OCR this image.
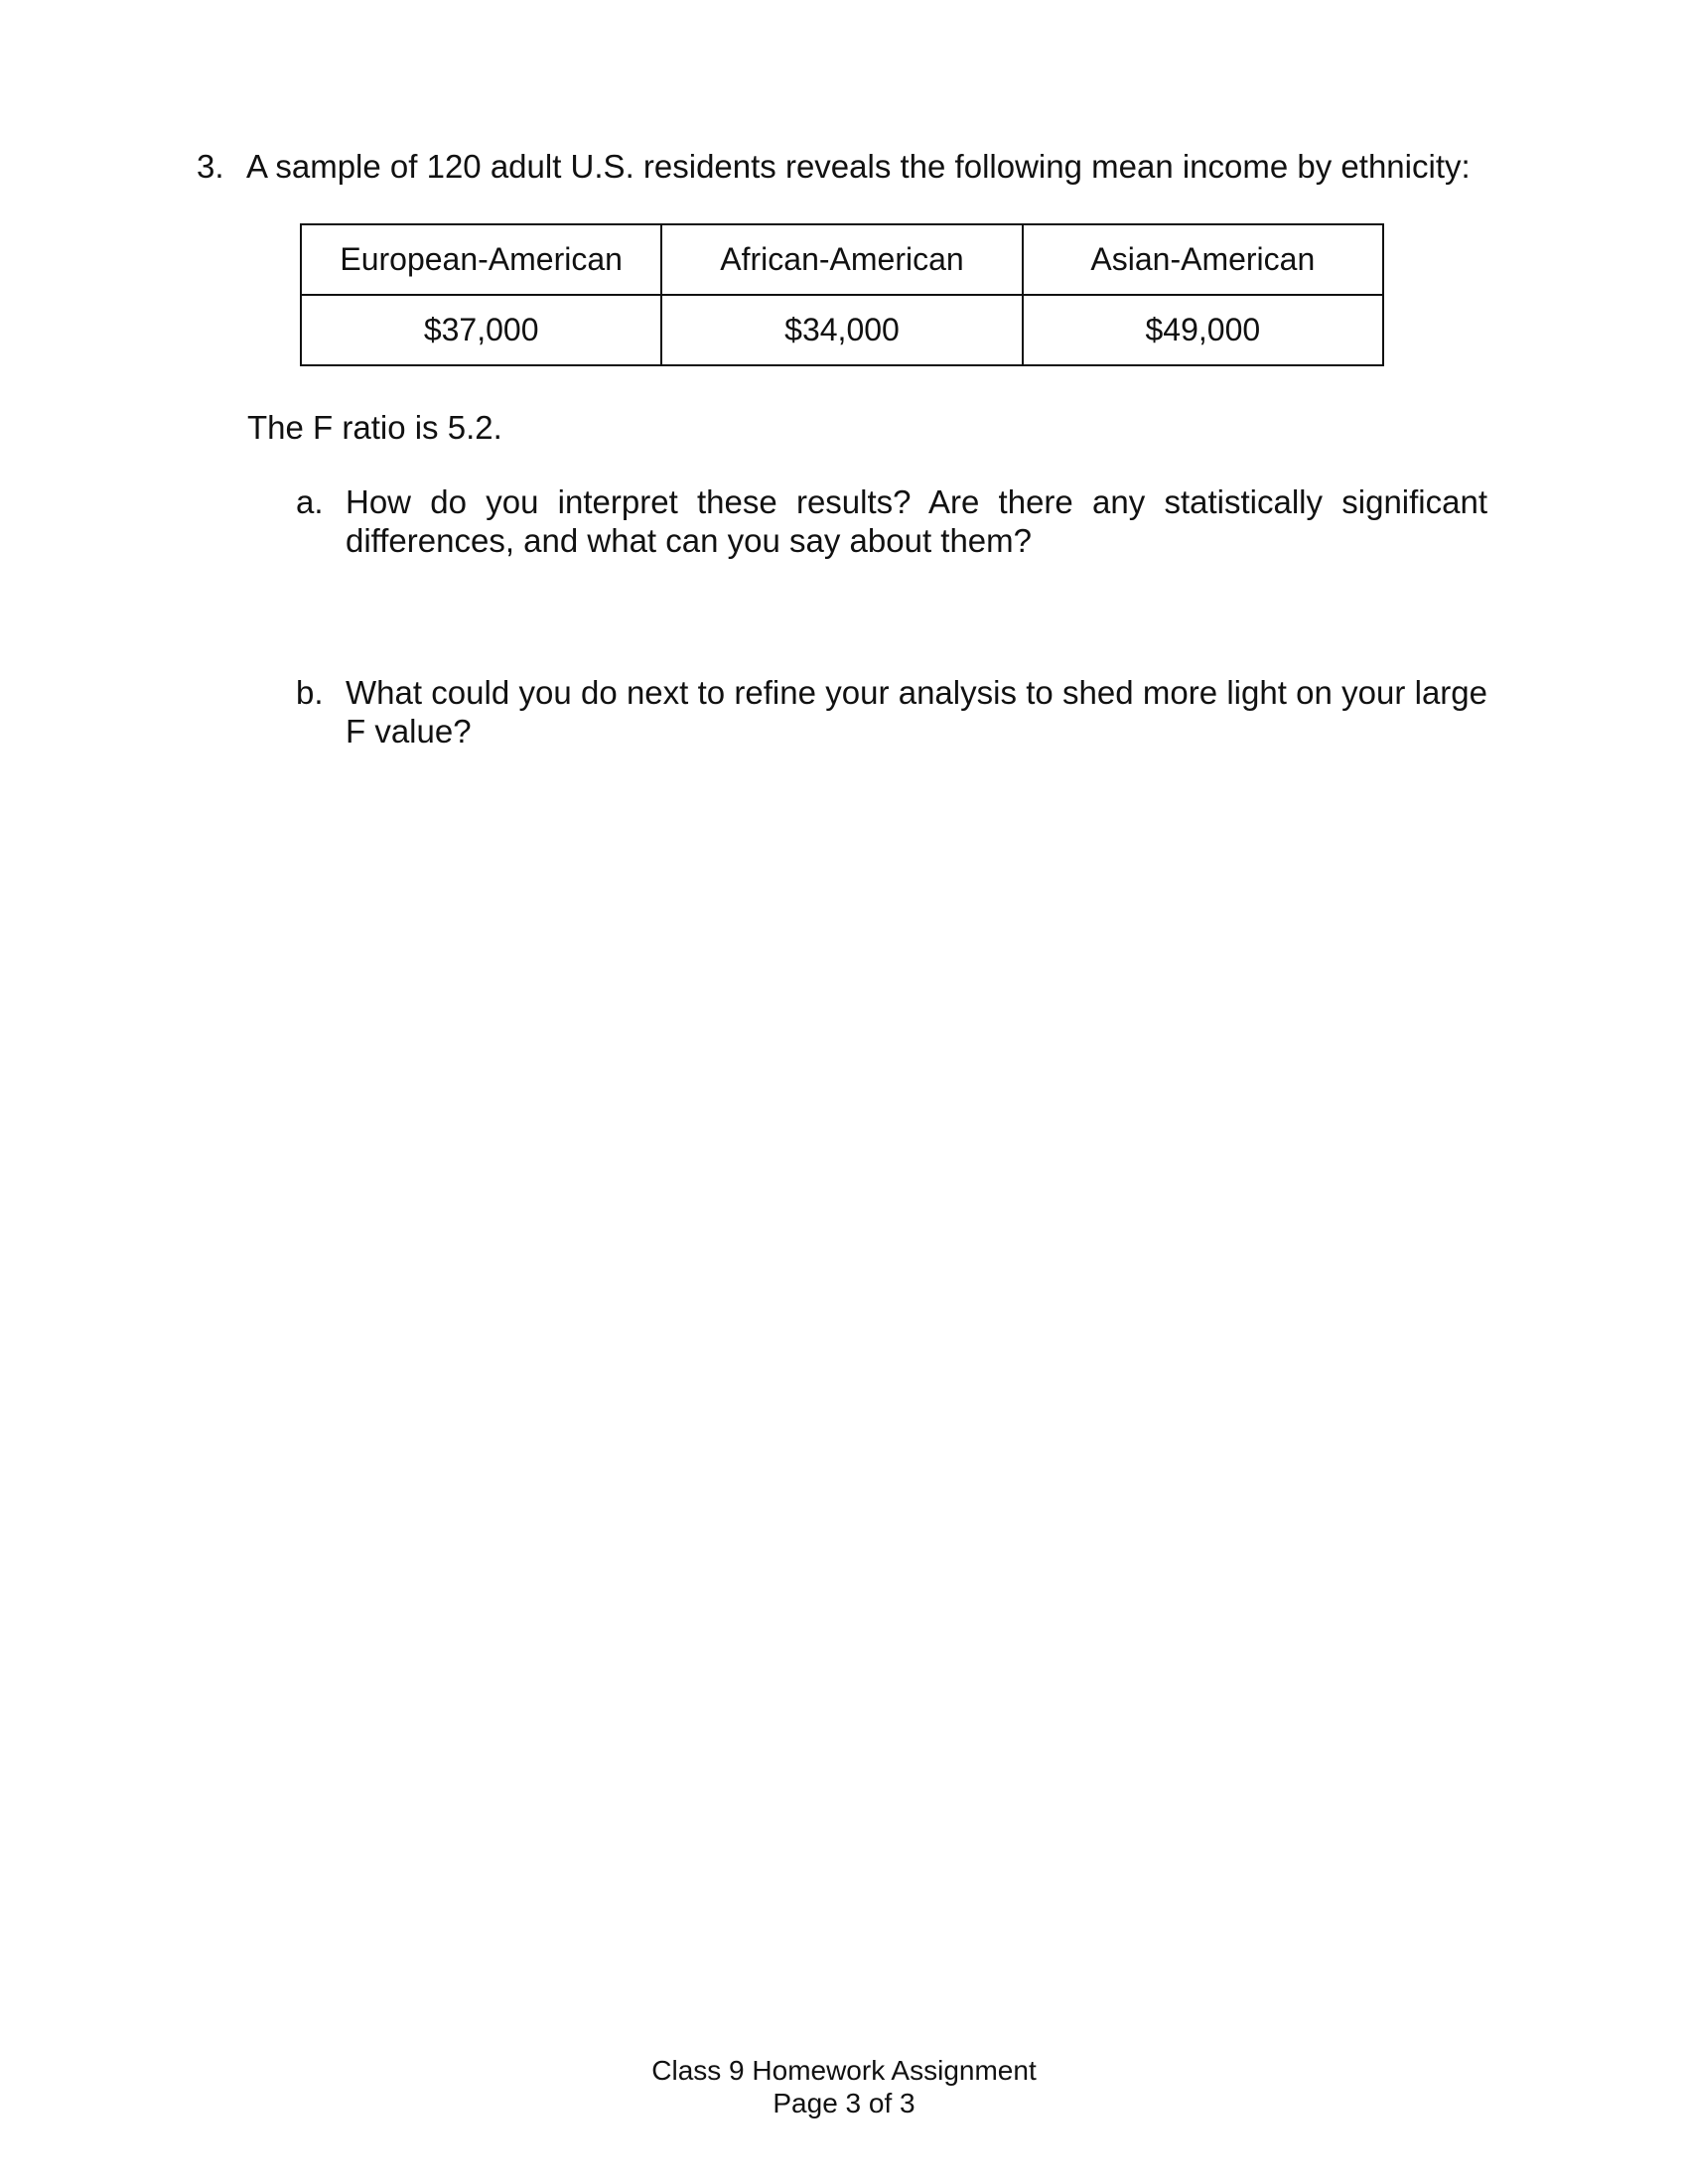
3. A sample of 120 adult U.S. residents reveals the following mean income by ethnicity:
European-American	African-American	Asian-American
$37,000	$34,000	$49,000
The F ratio is 5.2.
a. How do you interpret these results? Are there any statistically significant differences, and what can you say about them?
b. What could you do next to refine your analysis to shed more light on your large F value?
Class 9 Homework Assignment
Page 3 of 3
